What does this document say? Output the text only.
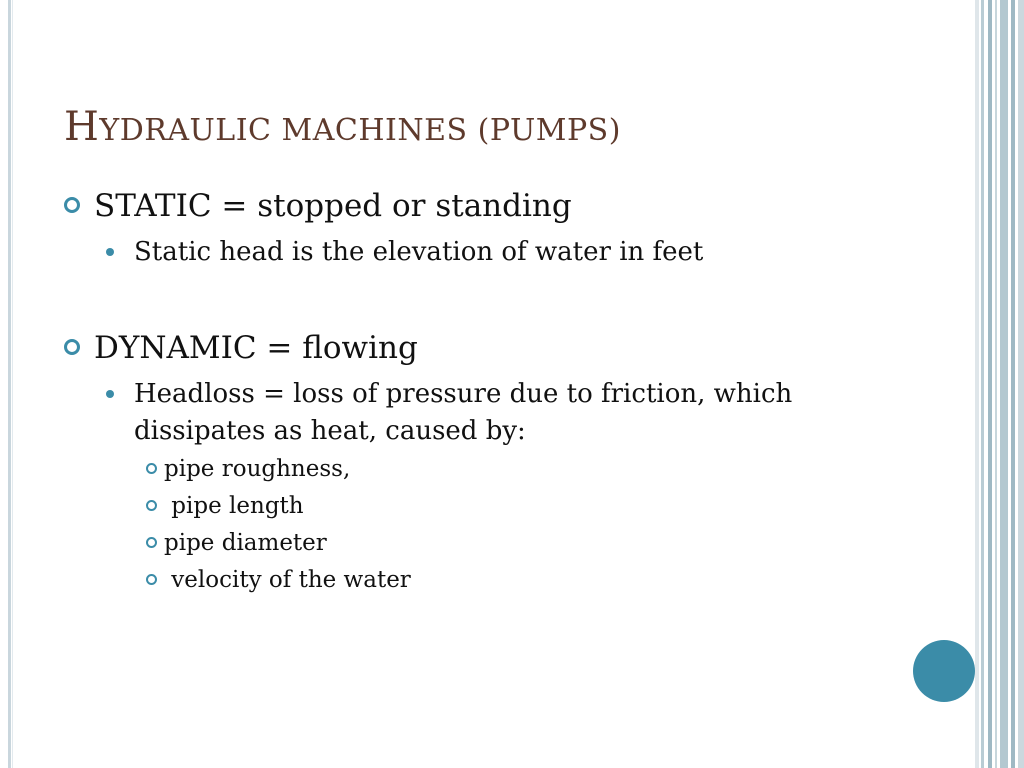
HYDRAULIC MACHINES (PUMPS)
STATIC = stopped or standing
Static head is the elevation of water in feet
DYNAMIC = flowing
Headloss = loss of pressure due to friction, which dissipates as heat, caused by:
pipe roughness,
pipe length
pipe diameter
velocity of the water
